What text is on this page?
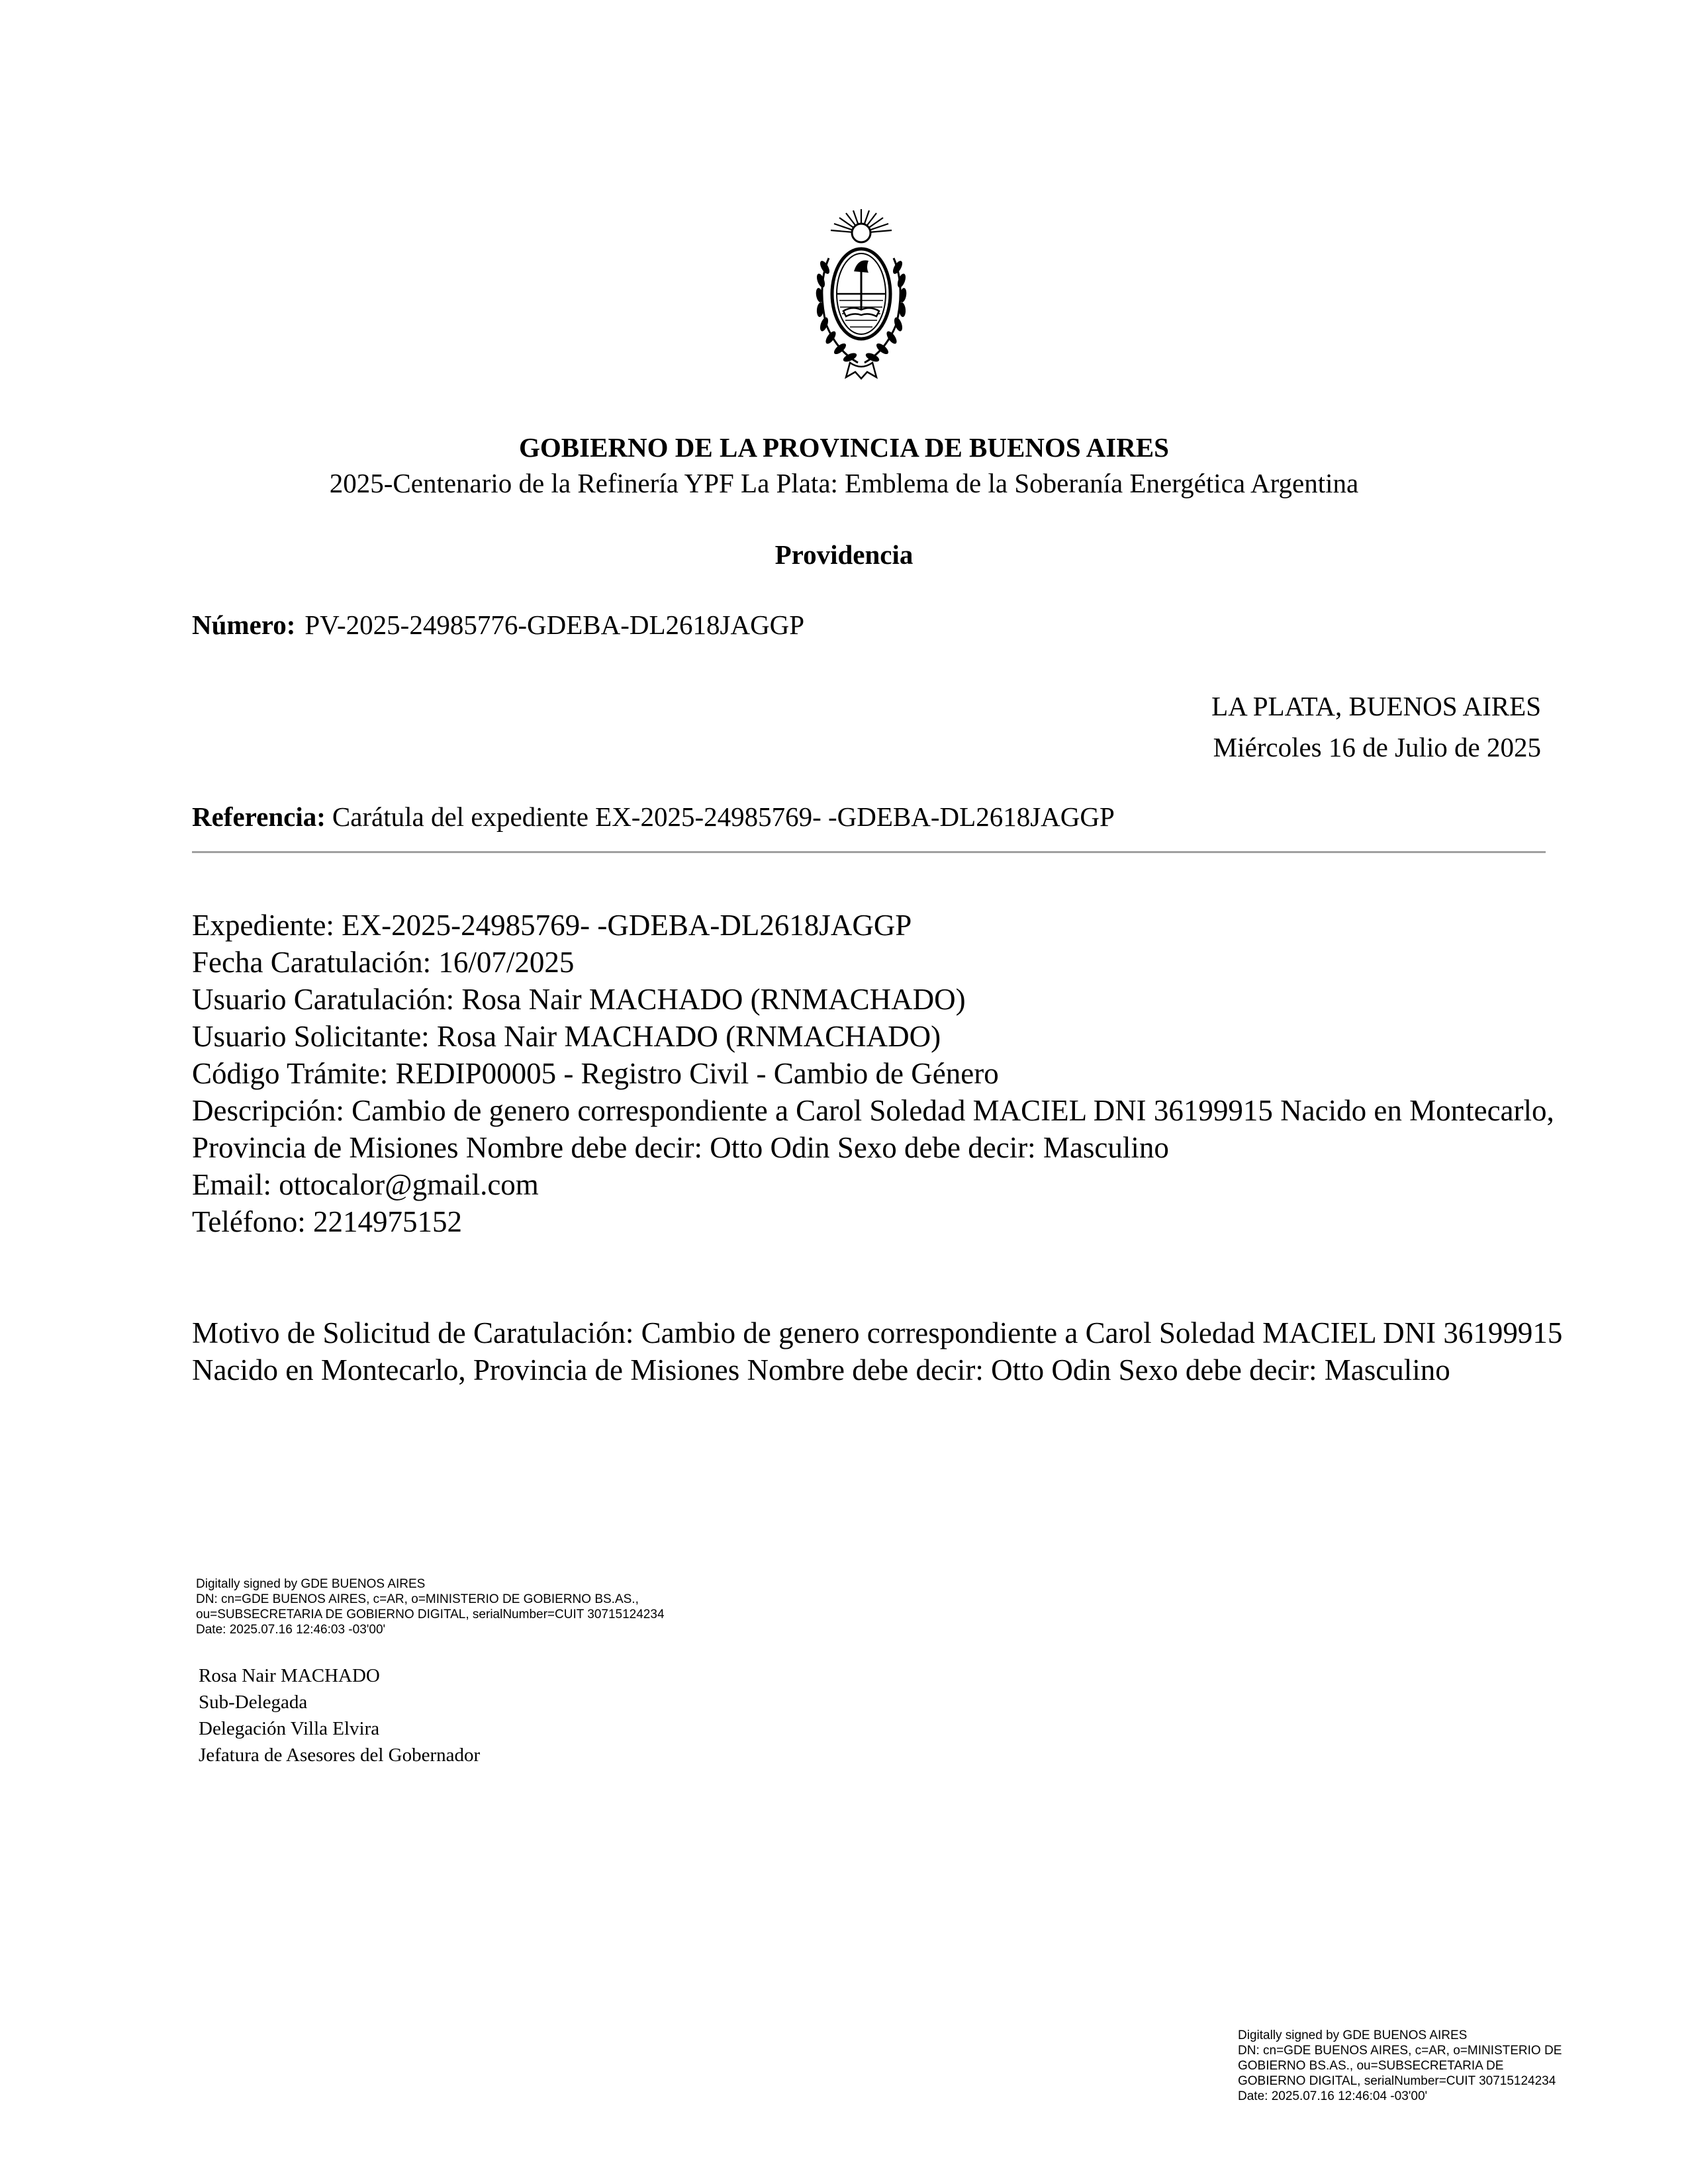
GOBIERNO DE LA PROVINCIA DE BUENOS AIRES
2025-Centenario de la Refinería YPF La Plata: Emblema de la Soberanía Energética Argentina
Providencia
Número: PV-2025-24985776-GDEBA-DL2618JAGGP
LA PLATA, BUENOS AIRES
Miércoles 16 de Julio de 2025
Referencia: Carátula del expediente EX-2025-24985769- -GDEBA-DL2618JAGGP
Expediente: EX-2025-24985769- -GDEBA-DL2618JAGGP
Fecha Caratulación: 16/07/2025
Usuario Caratulación: Rosa Nair MACHADO (RNMACHADO)
Usuario Solicitante: Rosa Nair MACHADO (RNMACHADO)
Código Trámite: REDIP00005 - Registro Civil - Cambio de Género
Descripción: Cambio de genero correspondiente a Carol Soledad MACIEL DNI 36199915 Nacido en Montecarlo, Provincia de Misiones Nombre debe decir: Otto Odin Sexo debe decir: Masculino
Email: ottocalor@gmail.com
Teléfono: 2214975152
Motivo de Solicitud de Caratulación: Cambio de genero correspondiente a Carol Soledad MACIEL DNI 36199915 Nacido en Montecarlo, Provincia de Misiones Nombre debe decir: Otto Odin Sexo debe decir: Masculino
Digitally signed by GDE BUENOS AIRES
DN: cn=GDE BUENOS AIRES, c=AR, o=MINISTERIO DE GOBIERNO BS.AS.,
ou=SUBSECRETARIA DE GOBIERNO DIGITAL, serialNumber=CUIT 30715124234
Date: 2025.07.16 12:46:03 -03'00'
Rosa Nair MACHADO
Sub-Delegada
Delegación Villa Elvira
Jefatura de Asesores del Gobernador
Digitally signed by GDE BUENOS AIRES
DN: cn=GDE BUENOS AIRES, c=AR, o=MINISTERIO DE
GOBIERNO BS.AS., ou=SUBSECRETARIA DE
GOBIERNO DIGITAL, serialNumber=CUIT 30715124234
Date: 2025.07.16 12:46:04 -03'00'
